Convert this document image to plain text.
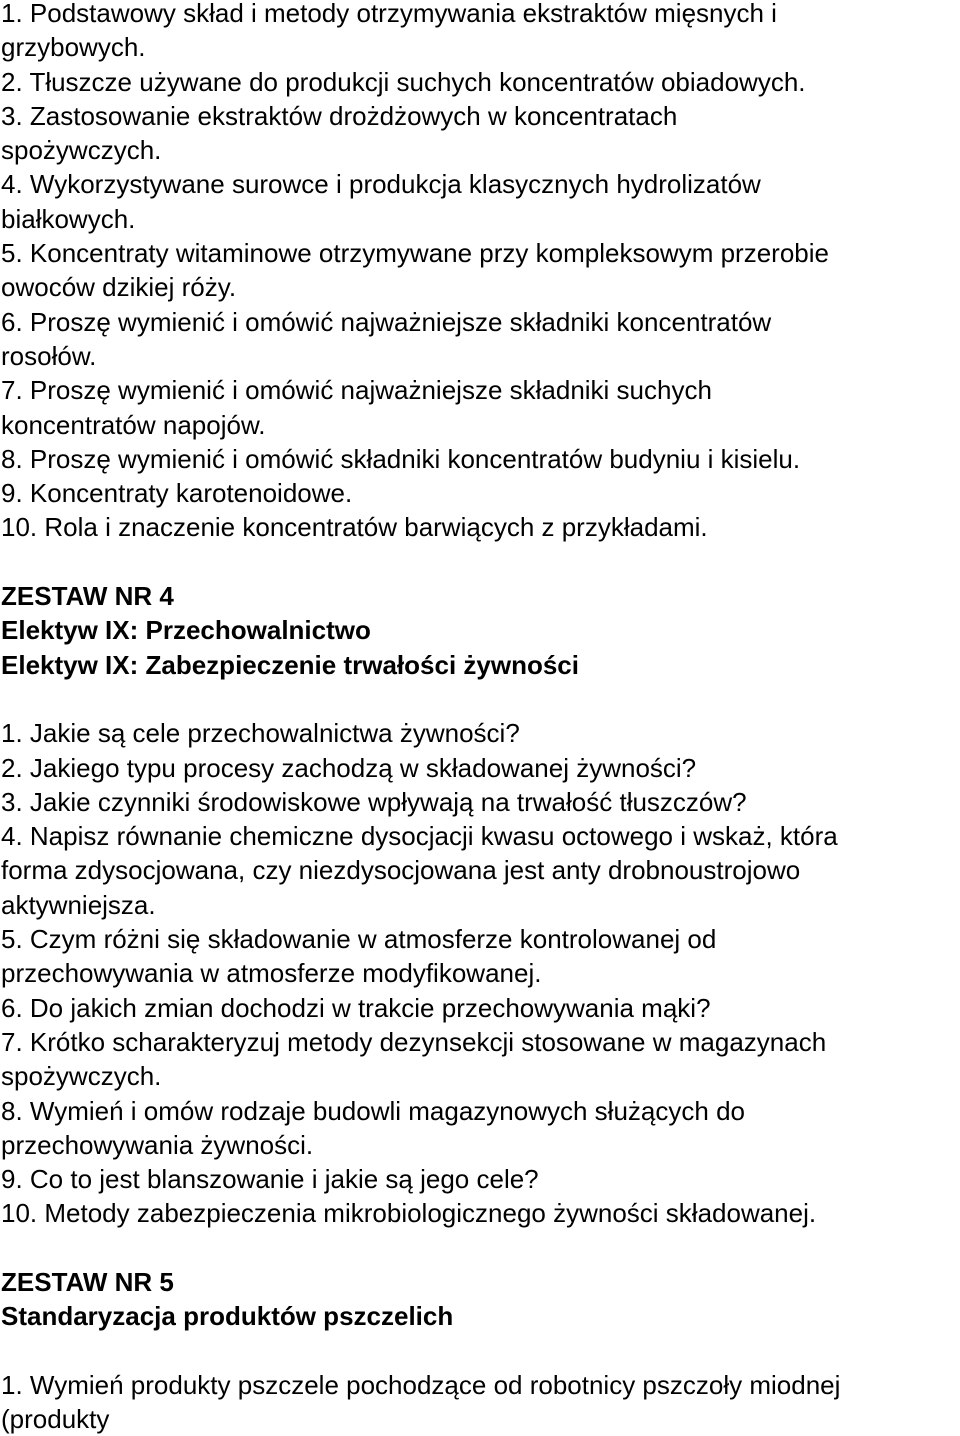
1. Podstawowy skład i metody otrzymywania ekstraktów mięsnych i

grzybowych.

2. Tłuszcze używane do produkcji suchych koncentratów obiadowych.

3. Zastosowanie ekstraktów drożdżowych w koncentratach

spożywczych.

4. Wykorzystywane surowce i produkcja klasycznych hydrolizatów

białkowych.

5. Koncentraty witaminowe otrzymywane przy kompleksowym przerobie

owoców dzikiej róży.

6. Proszę wymienić i omówić najważniejsze składniki koncentratów

rosołów.

7. Proszę wymienić i omówić najważniejsze składniki suchych

koncentratów napojów.

8. Proszę wymienić i omówić składniki koncentratów budyniu i kisielu.

9. Koncentraty karotenoidowe.

10. Rola i znaczenie koncentratów barwiących z przykładami.

ZESTAW NR 4

Elektyw IX: Przechowalnictwo

Elektyw IX: Zabezpieczenie trwałości żywności

1. Jakie są cele przechowalnictwa żywności?

2. Jakiego typu procesy zachodzą w składowanej żywności?

3. Jakie czynniki środowiskowe wpływają na trwałość tłuszczów?

4. Napisz równanie chemiczne dysocjacji kwasu octowego i wskaż, która

forma zdysocjowana, czy niezdysocjowana jest anty drobnoustrojowo

aktywniejsza.

5. Czym różni się składowanie w atmosferze kontrolowanej od

przechowywania w atmosferze modyfikowanej.

6. Do jakich zmian dochodzi w trakcie przechowywania mąki?

7. Krótko scharakteryzuj metody dezynsekcji stosowane w magazynach

spożywczych.

8. Wymień i omów rodzaje budowli magazynowych służących do

przechowywania żywności.

9. Co to jest blanszowanie i jakie są jego cele?

10. Metody zabezpieczenia mikrobiologicznego żywności składowanej.

ZESTAW NR 5

Standaryzacja produktów pszczelich

1. Wymień produkty pszczele pochodzące od robotnicy pszczoły miodnej

(produkty
